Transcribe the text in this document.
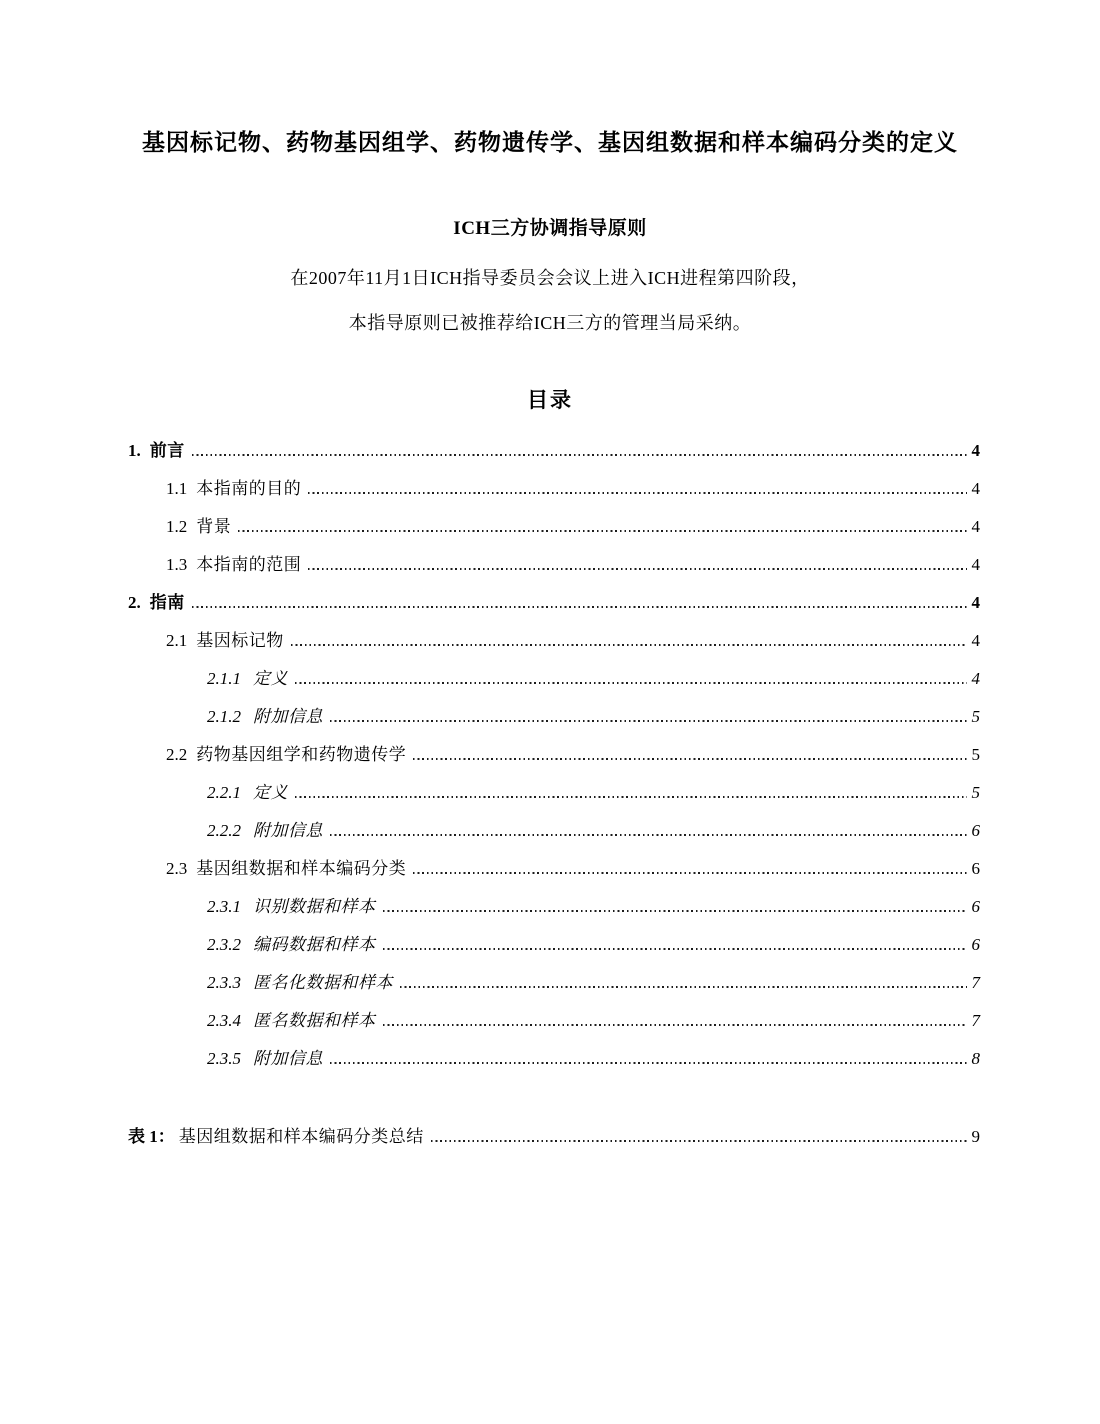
基因标记物、药物基因组学、药物遗传学、基因组数据和样本编码分类的定义
ICH三方协调指导原则

在2007年11月1日ICH指导委员会会议上进入ICH进程第四阶段，

本指导原则已被推荐给ICH三方的管理当局采纳。

目录
1. 前言	4
1.1 本指南的目的	4
1.2 背景	4
1.3 本指南的范围	4
2. 指南	4
2.1 基因标记物	4
2.1.1 定义	4
2.1.2 附加信息	5
2.2 药物基因组学和药物遗传学	5
2.2.1 定义	5
2.2.2 附加信息	6
2.3 基因组数据和样本编码分类	6
2.3.1 识别数据和样本	6
2.3.2 编码数据和样本	6
2.3.3 匿名化数据和样本	7
2.3.4 匿名数据和样本	7
2.3.5 附加信息	8
表 1： 基因组数据和样本编码分类总结	9
